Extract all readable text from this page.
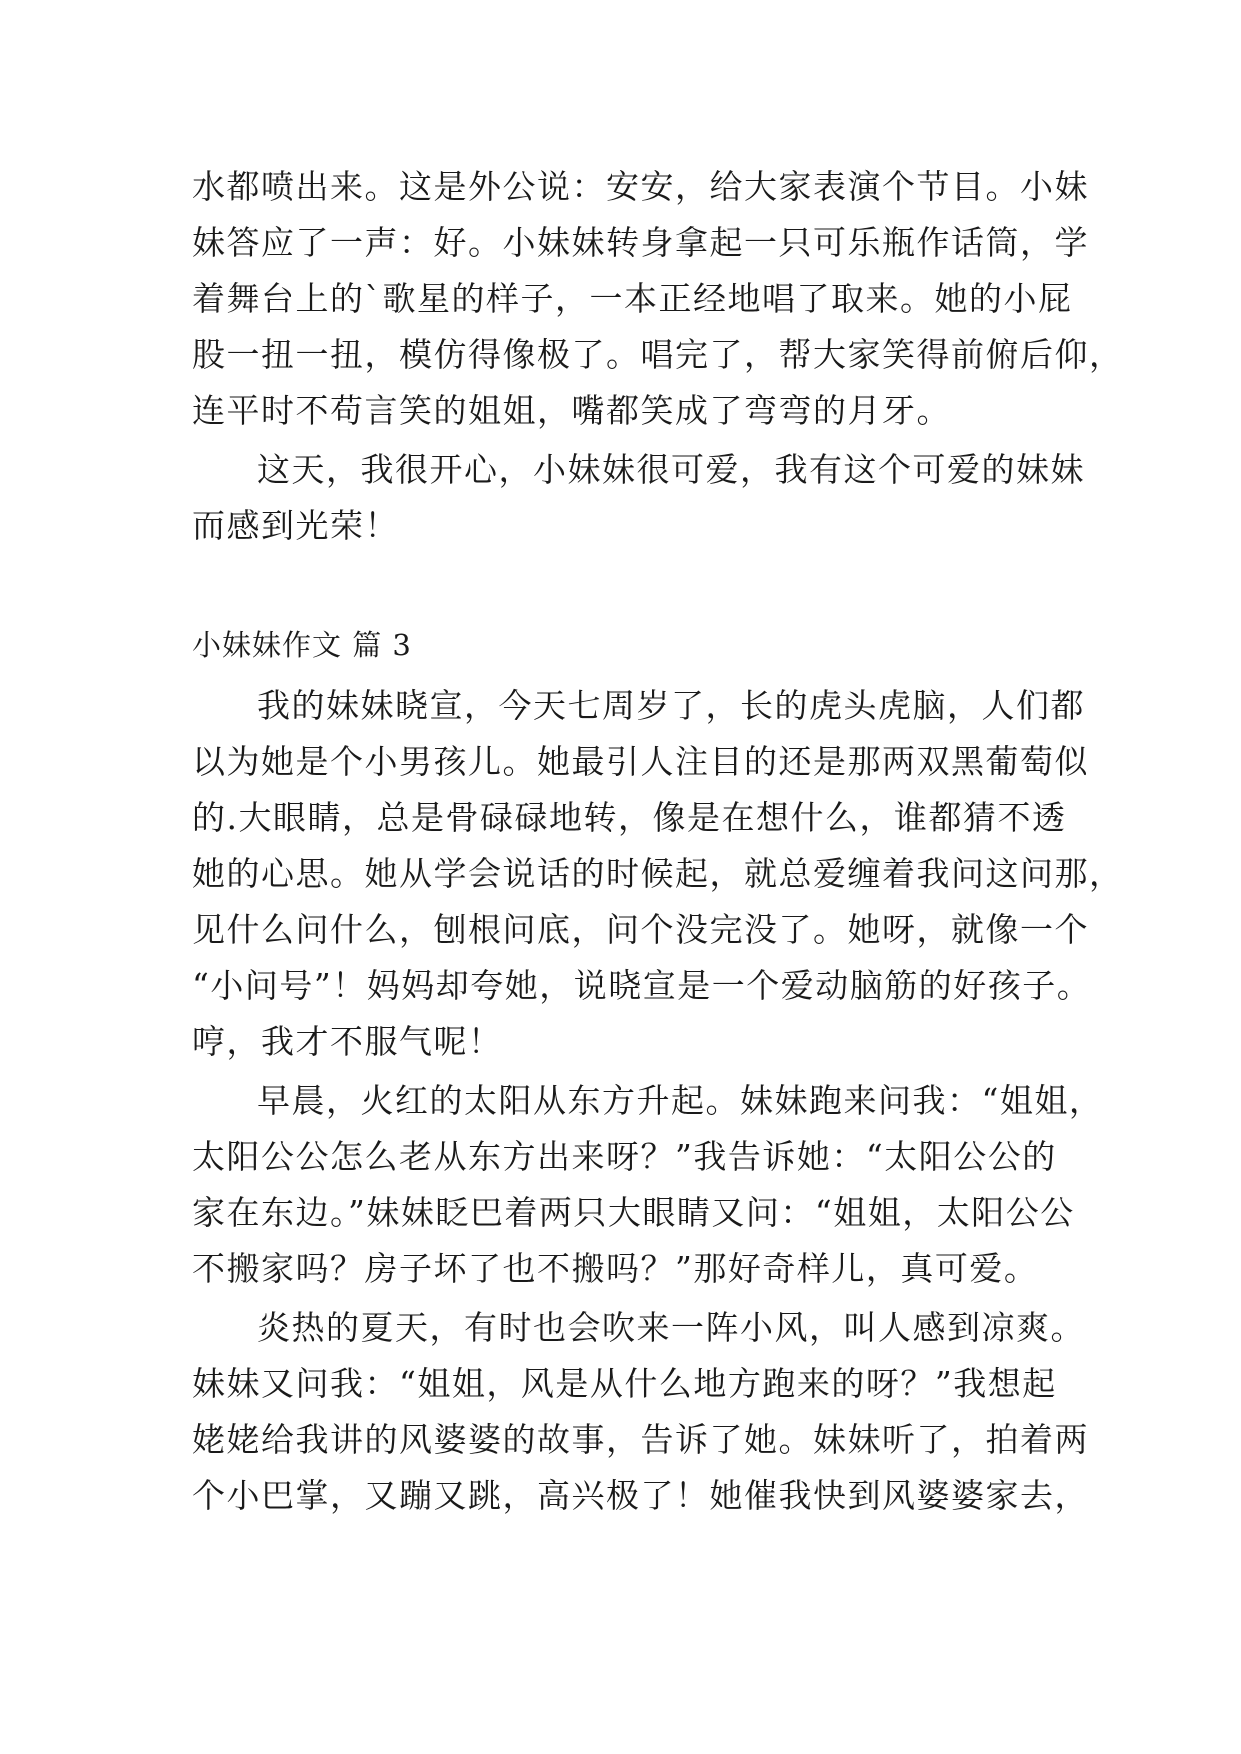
水都喷出来。这是外公说：安安，给大家表演个节目。小妹
妹答应了一声：好。小妹妹转身拿起一只可乐瓶作话筒，学
着舞台上的`歌星的样子，一本正经地唱了取来。她的小屁
股一扭一扭，模仿得像极了。唱完了，帮大家笑得前俯后仰，
连平时不苟言笑的姐姐，嘴都笑成了弯弯的月牙。
这天，我很开心，小妹妹很可爱，我有这个可爱的妹妹
而感到光荣！
小妹妹作文 篇 3
我的妹妹晓宣，今天七周岁了，长的虎头虎脑，人们都
以为她是个小男孩儿。她最引人注目的还是那两双黑葡萄似
的.大眼睛，总是骨碌碌地转，像是在想什么，谁都猜不透
她的心思。她从学会说话的时候起，就总爱缠着我问这问那，
见什么问什么，刨根问底，问个没完没了。她呀，就像一个
“小问号”！妈妈却夸她，说晓宣是一个爱动脑筋的好孩子。
哼，我才不服气呢！
早晨，火红的太阳从东方升起。妹妹跑来问我：“姐姐，
太阳公公怎么老从东方出来呀？”我告诉她：“太阳公公的
家在东边。”妹妹眨巴着两只大眼睛又问：“姐姐，太阳公公
不搬家吗？房子坏了也不搬吗？”那好奇样儿，真可爱。
炎热的夏天，有时也会吹来一阵小风，叫人感到凉爽。
妹妹又问我：“姐姐，风是从什么地方跑来的呀？”我想起
姥姥给我讲的风婆婆的故事，告诉了她。妹妹听了，拍着两
个小巴掌，又蹦又跳，高兴极了！她催我快到风婆婆家去，
